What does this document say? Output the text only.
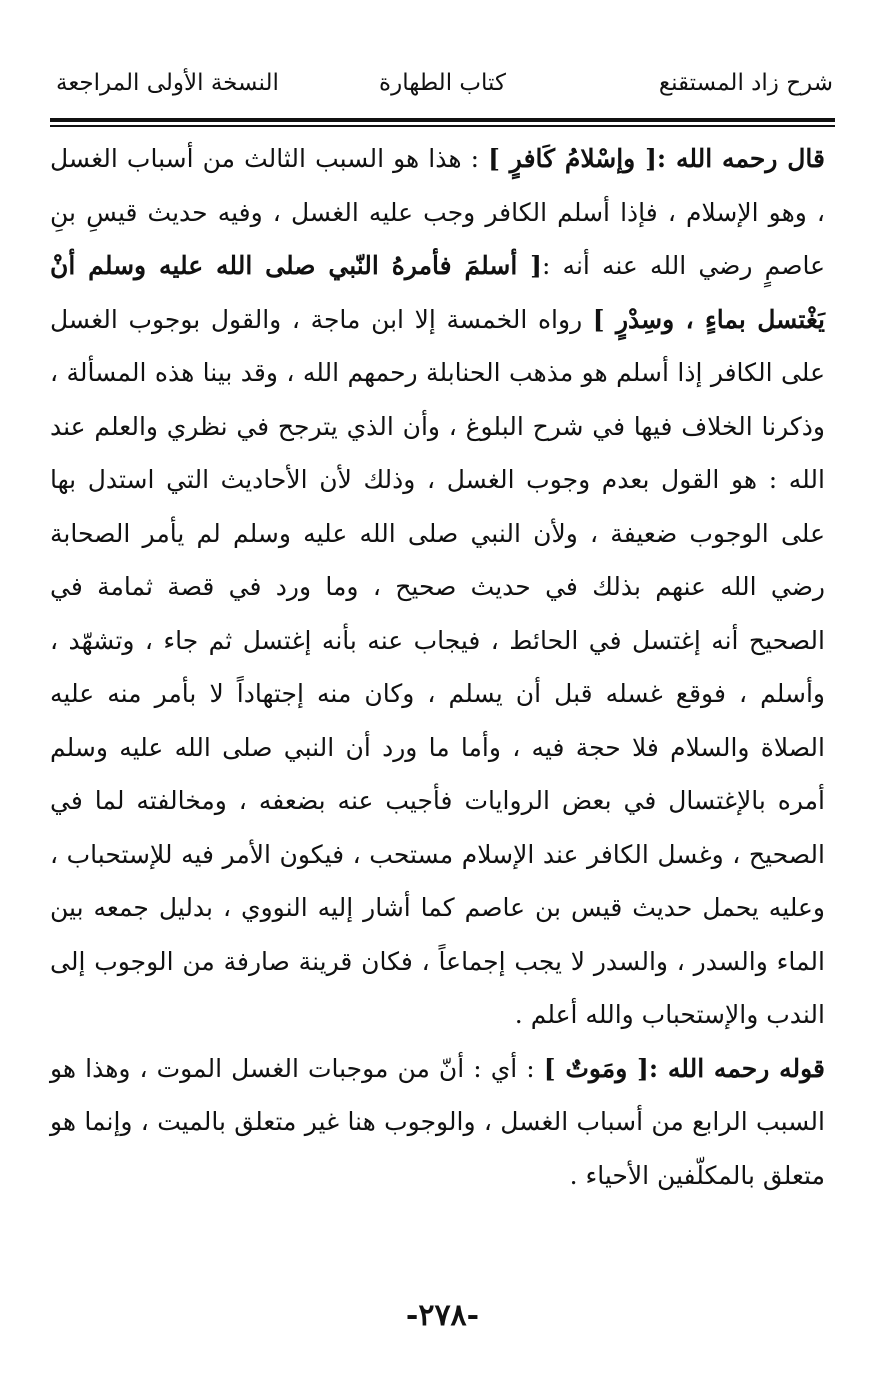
شرح زاد المستقنع
كتاب الطهارة
النسخة الأولى المراجعة

قال رحمه الله :[ وإسْلامُ كَافرٍ ] : هذا هو السبب الثالث من أسباب الغسل ، وهو الإسلام ، فإذا أسلم الكافر وجب عليه الغسل ، وفيه حديث قيسِ بنِ عاصمٍ رضي الله عنه أنه :[ أسلمَ فأمرهُ النّبي صلى الله عليه وسلم أنْ يَغْتسل بماءٍ ، وسِدْرٍ ] رواه الخمسة إلا ابن ماجة ، والقول بوجوب الغسل على الكافر إذا أسلم هو مذهب الحنابلة رحمهم الله ، وقد بينا هذه المسألة ، وذكرنا الخلاف فيها في شرح البلوغ ، وأن الذي يترجح في نظري والعلم عند الله : هو القول بعدم وجوب الغسل ، وذلك لأن الأحاديث التي استدل بها على الوجوب ضعيفة ، ولأن النبي صلى الله عليه وسلم لم يأمر الصحابة رضي الله عنهم بذلك في حديث صحيح ، وما ورد في قصة ثمامة في الصحيح أنه إغتسل في الحائط ، فيجاب عنه بأنه إغتسل ثم جاء ، وتشهّد ، وأسلم ، فوقع غسله قبل أن يسلم ، وكان منه إجتهاداً لا بأمر منه عليه الصلاة والسلام فلا حجة فيه ، وأما ما ورد أن النبي صلى الله عليه وسلم أمره بالإغتسال في بعض الروايات فأجيب عنه بضعفه ، ومخالفته لما في الصحيح ، وغسل الكافر عند الإسلام مستحب ، فيكون الأمر فيه للإستحباب ، وعليه يحمل حديث قيس بن عاصم كما أشار إليه النووي ، بدليل جمعه بين الماء والسدر ، والسدر لا يجب إجماعاً ، فكان قرينة صارفة من الوجوب إلى الندب والإستحباب والله أعلم .

قوله رحمه الله :[ ومَوتٌ ] : أي : أنّ من موجبات الغسل الموت ، وهذا هو السبب الرابع من أسباب الغسل ، والوجوب هنا غير متعلق بالميت ، وإنما هو متعلق بالمكلّفين الأحياء .

-٢٧٨-
